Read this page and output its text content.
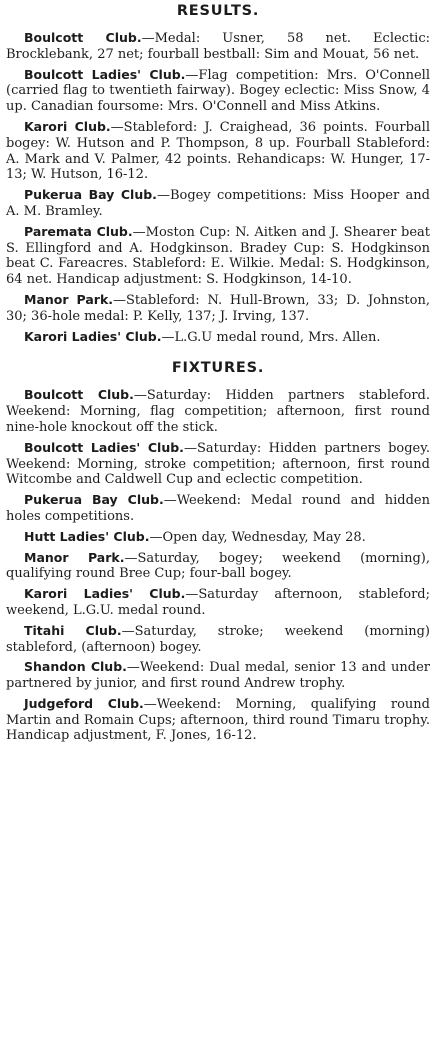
RESULTS.

Boulcott Club.—Medal: Usner, 58 net. Eclectic: Brocklebank, 27 net; fourball bestball: Sim and Mouat, 56 net.

Boulcott Ladies' Club.—Flag competition: Mrs. O'Connell (carried flag to twentieth fairway). Bogey eclectic: Miss Snow, 4 up. Canadian foursome: Mrs. O'Connell and Miss Atkins.

Karori Club.—Stableford: J. Craighead, 36 points. Fourball bogey: W. Hutson and P. Thompson, 8 up. Fourball Stableford: A. Mark and V. Palmer, 42 points. Rehandicaps: W. Hunger, 17-13; W. Hutson, 16-12.

Pukerua Bay Club.—Bogey competitions: Miss Hooper and A. M. Bramley.

Paremata Club.—Moston Cup: N. Aitken and J. Shearer beat S. Ellingford and A. Hodgkinson. Bradey Cup: S. Hodgkinson beat C. Fareacres. Stableford: E. Wilkie. Medal: S. Hodgkinson, 64 net. Handicap adjustment: S. Hodgkinson, 14-10.

Manor Park.—Stableford: N. Hull-Brown, 33; D. Johnston, 30; 36-hole medal: P. Kelly, 137; J. Irving, 137.

Karori Ladies' Club.—L.G.U medal round, Mrs. Allen.

FIXTURES.

Boulcott Club.—Saturday: Hidden partners stableford. Weekend: Morning, flag competition; afternoon, first round nine-hole knockout off the stick.

Boulcott Ladies' Club.—Saturday: Hidden partners bogey. Weekend: Morning, stroke competition; afternoon, first round Witcombe and Caldwell Cup and eclectic competition.

Pukerua Bay Club.—Weekend: Medal round and hidden holes competitions.

Hutt Ladies' Club.—Open day, Wednesday, May 28.

Manor Park.—Saturday, bogey; weekend (morning), qualifying round Bree Cup; four-ball bogey.

Karori Ladies' Club.—Saturday afternoon, stableford; weekend, L.G.U. medal round.

Titahi Club.—Saturday, stroke; weekend (morning) stableford, (afternoon) bogey.

Shandon Club.—Weekend: Dual medal, senior 13 and under partnered by junior, and first round Andrew trophy.

Judgeford Club.—Weekend: Morning, qualifying round Martin and Romain Cups; afternoon, third round Timaru trophy. Handicap adjustment, F. Jones, 16-12.
